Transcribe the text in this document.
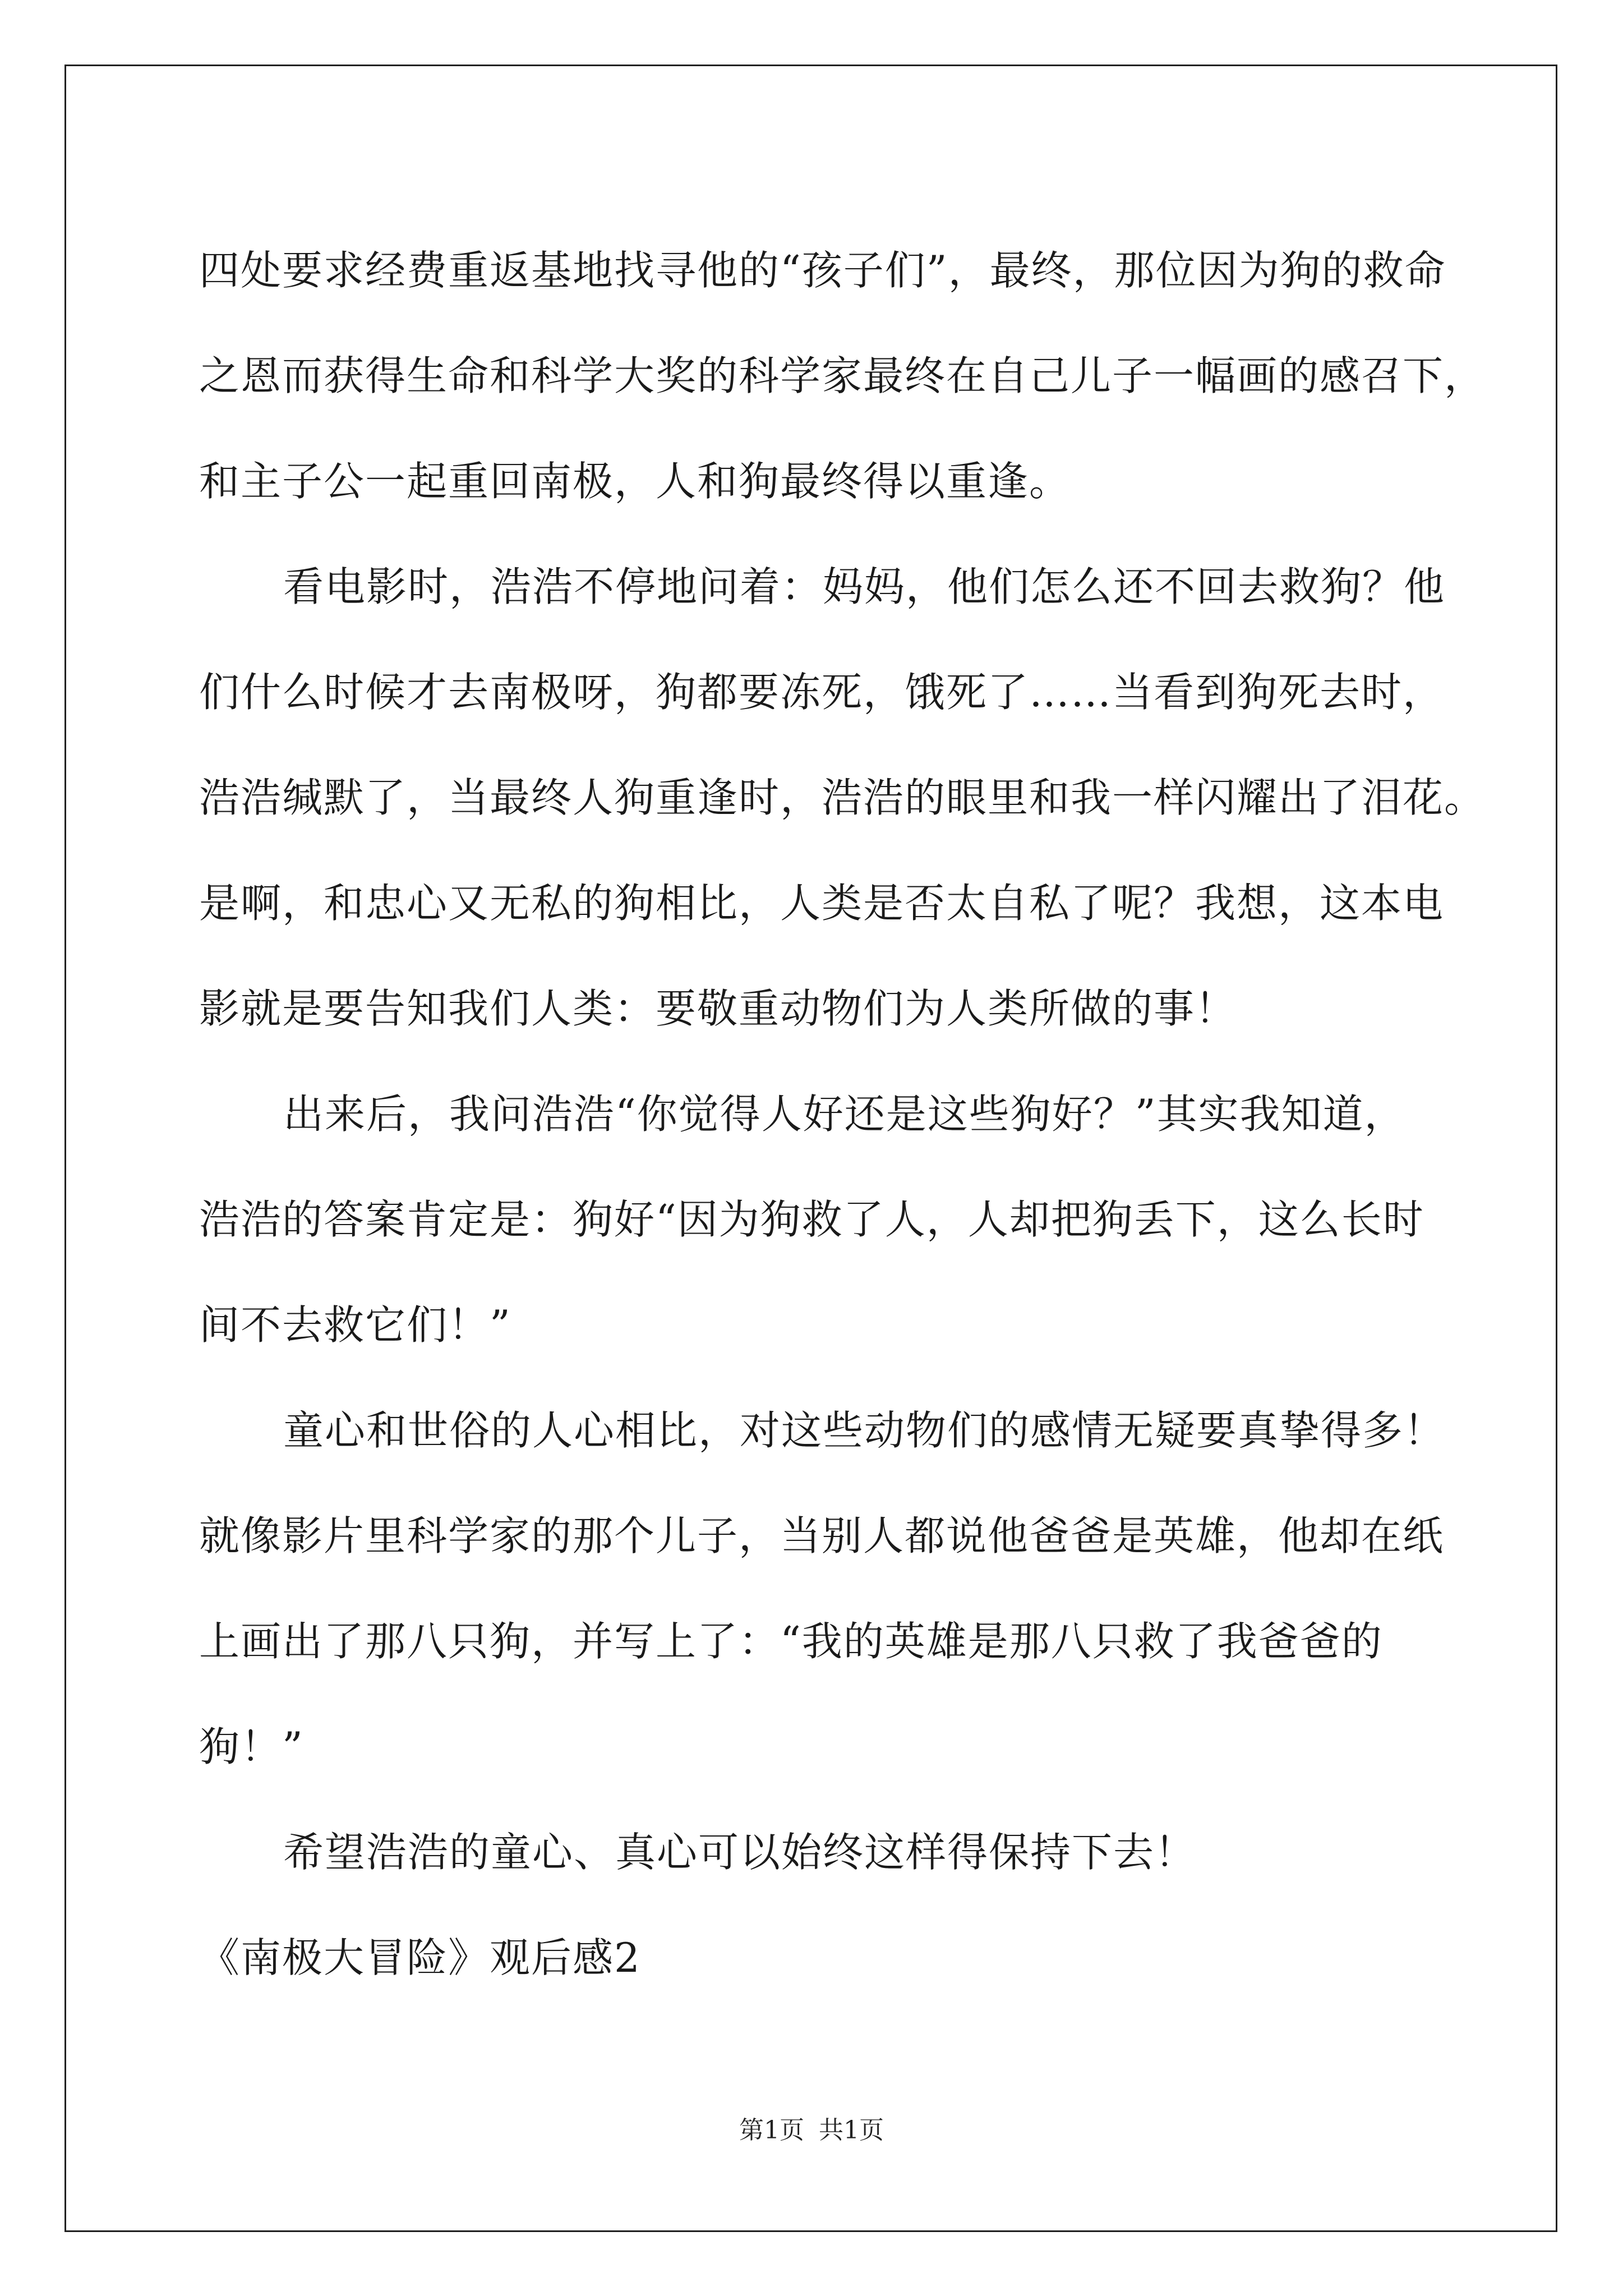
四处要求经费重返基地找寻他的“孩子们”，最终，那位因为狗的救命
之恩而获得生命和科学大奖的科学家最终在自己儿子一幅画的感召下，
和主子公一起重回南极，人和狗最终得以重逢。
看电影时，浩浩不停地问着：妈妈，他们怎么还不回去救狗？他
们什么时候才去南极呀，狗都要冻死，饿死了……当看到狗死去时，
浩浩缄默了，当最终人狗重逢时，浩浩的眼里和我一样闪耀出了泪花。
是啊，和忠心又无私的狗相比，人类是否太自私了呢？我想，这本电
影就是要告知我们人类：要敬重动物们为人类所做的事！
出来后，我问浩浩“你觉得人好还是这些狗好？”其实我知道，
浩浩的答案肯定是：狗好“因为狗救了人，人却把狗丢下，这么长时
间不去救它们！”
童心和世俗的人心相比，对这些动物们的感情无疑要真挚得多！
就像影片里科学家的那个儿子，当别人都说他爸爸是英雄，他却在纸
上画出了那八只狗，并写上了：“我的英雄是那八只救了我爸爸的
狗！”
希望浩浩的童心、真心可以始终这样得保持下去！
《南极大冒险》观后感2
第1页 共1页
